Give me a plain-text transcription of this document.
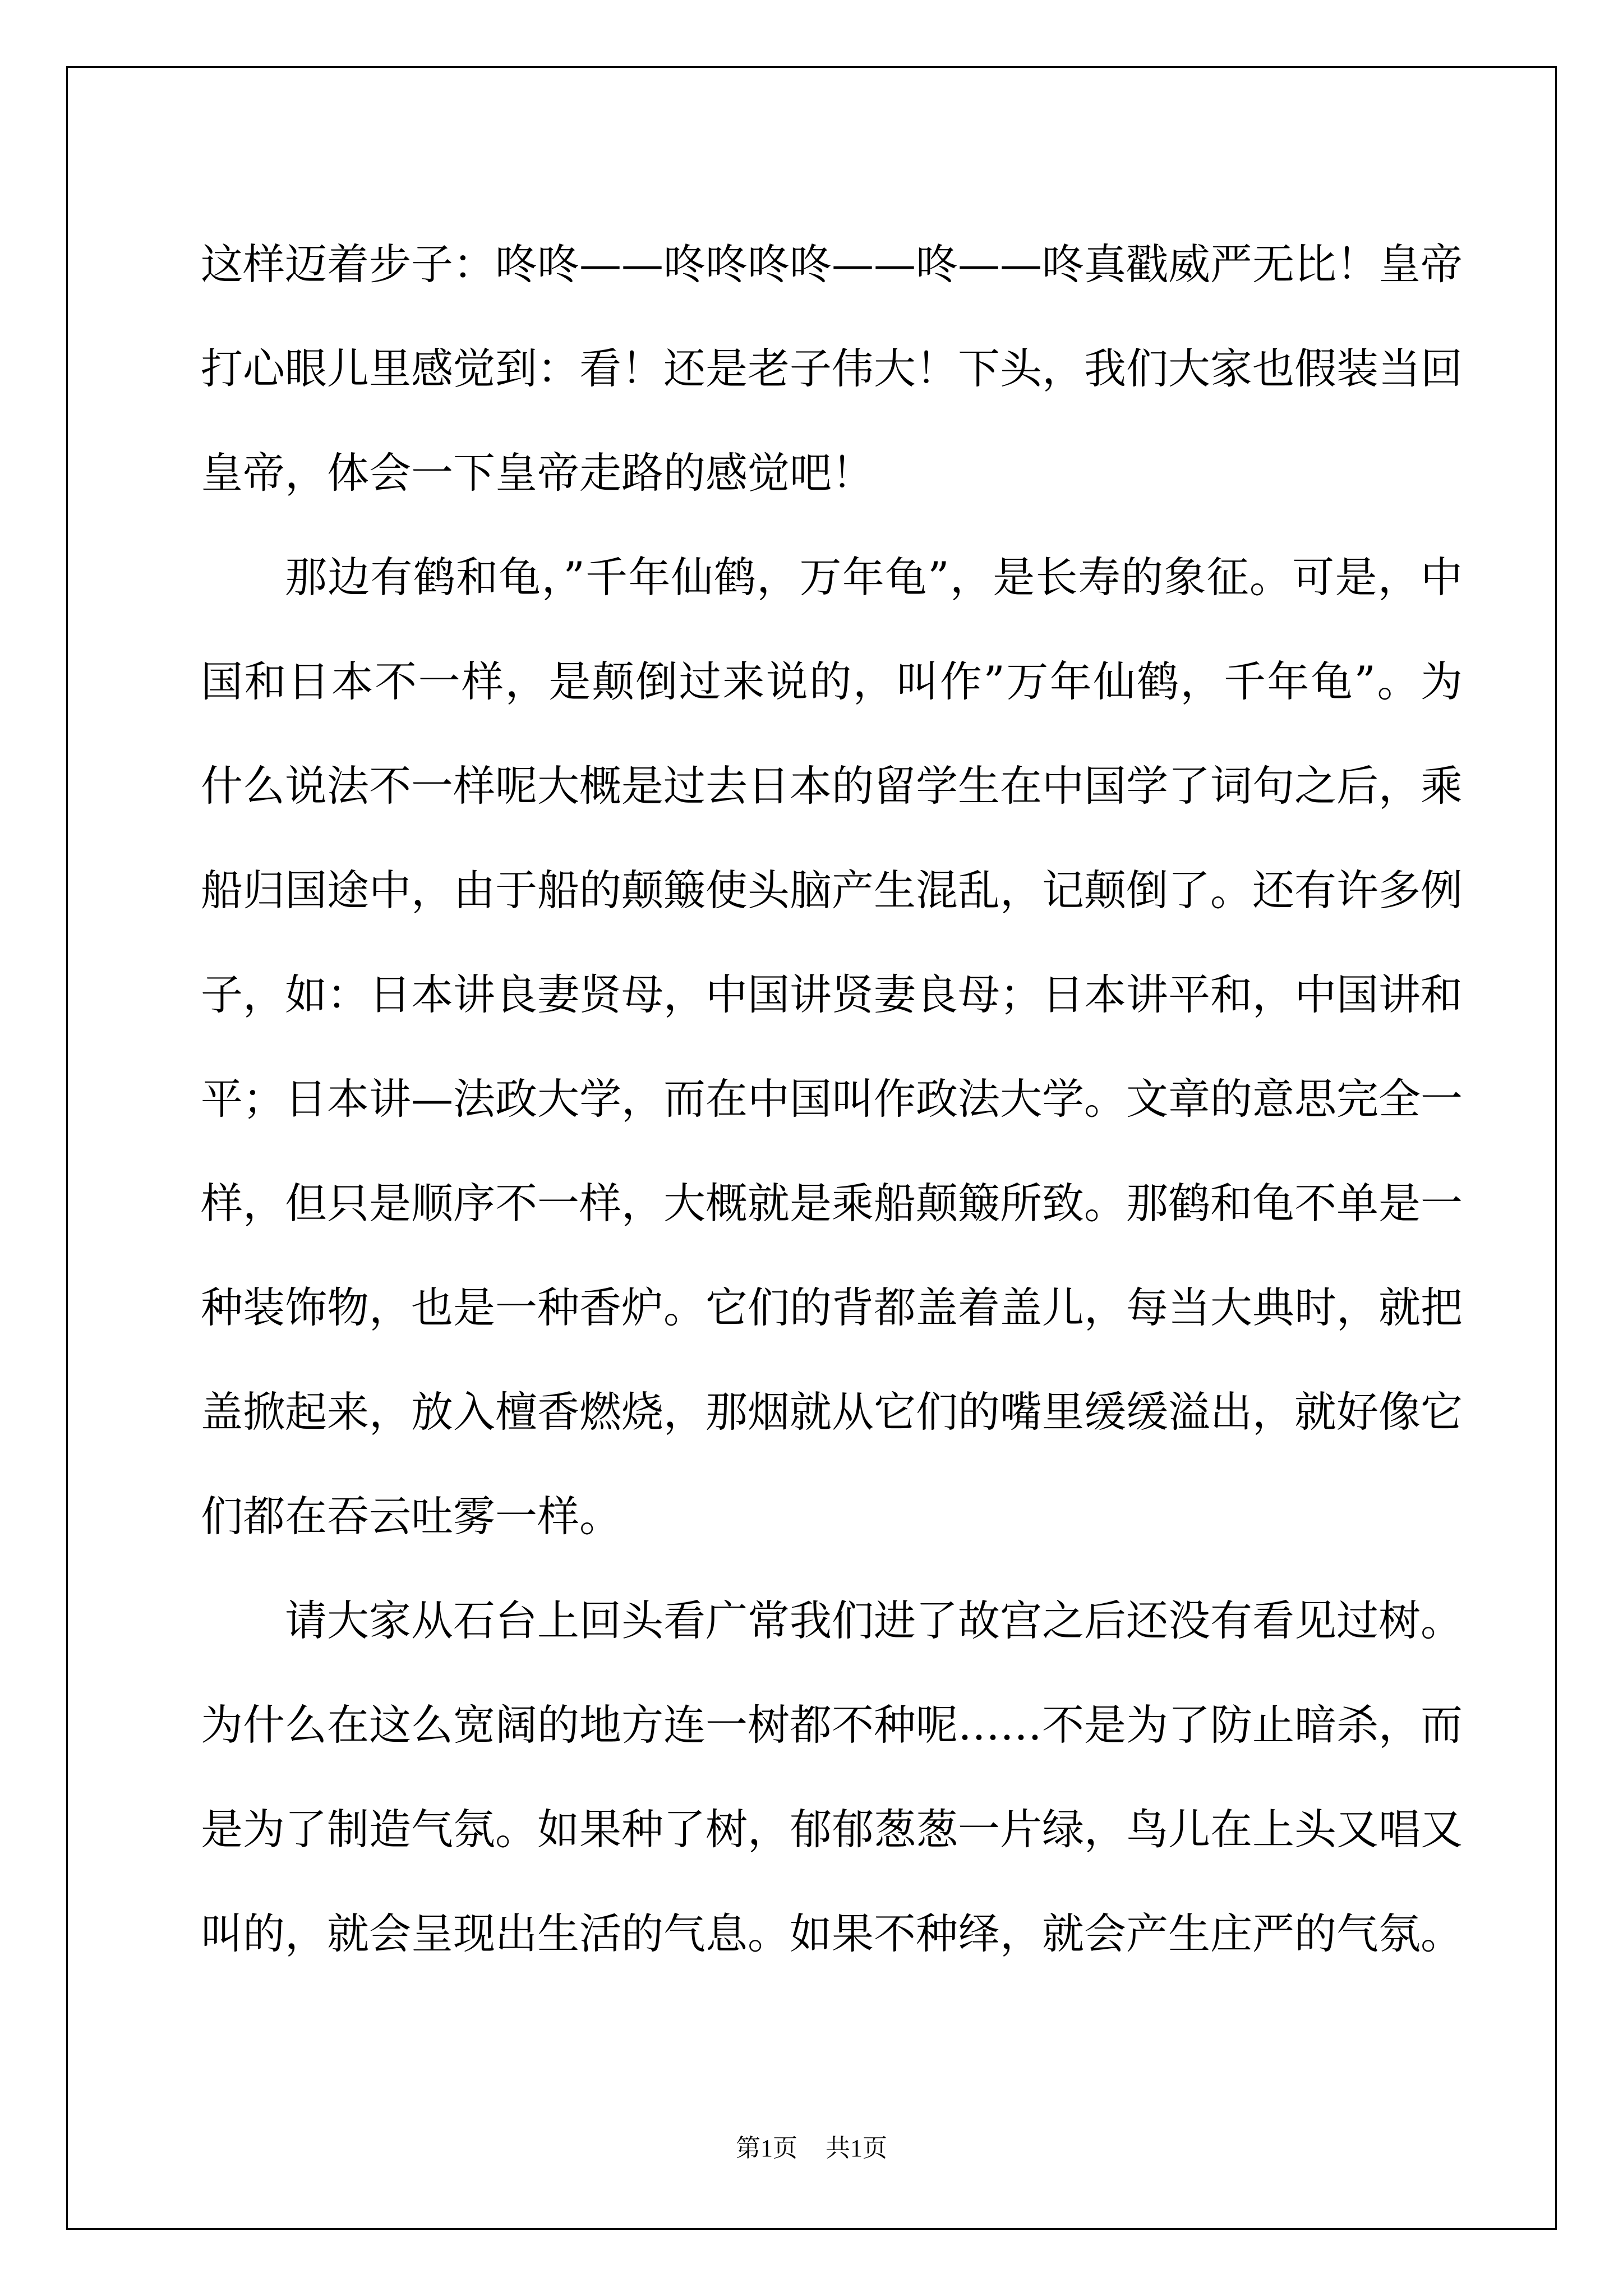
这样迈着步子：咚咚——咚咚咚咚——咚——咚真戳威严无比！皇帝打心眼儿里感觉到：看！还是老子伟大！下头，我们大家也假装当回皇帝，体会一下皇帝走路的感觉吧！

那边有鹤和龟，”千年仙鹤，万年龟”，是长寿的象征。可是，中国和日本不一样，是颠倒过来说的，叫作”万年仙鹤，千年龟”。为什么说法不一样呢大概是过去日本的留学生在中国学了词句之后，乘船归国途中，由于船的颠簸使头脑产生混乱，记颠倒了。还有许多例子，如：日本讲良妻贤母，中国讲贤妻良母；日本讲平和，中国讲和平；日本讲—法政大学，而在中国叫作政法大学。文章的意思完全一样，但只是顺序不一样，大概就是乘船颠簸所致。那鹤和龟不单是一种装饰物，也是一种香炉。它们的背都盖着盖儿，每当大典时，就把盖掀起来，放入檀香燃烧，那烟就从它们的嘴里缓缓溢出，就好像它们都在吞云吐雾一样。

请大家从石台上回头看广常我们进了故宫之后还没有看见过树。为什么在这么宽阔的地方连一树都不种呢……不是为了防止暗杀，而是为了制造气氛。如果种了树，郁郁葱葱一片绿，鸟儿在上头又唱又叫的，就会呈现出生活的气息。如果不种绎，就会产生庄严的气氛。

第1页 共1页
